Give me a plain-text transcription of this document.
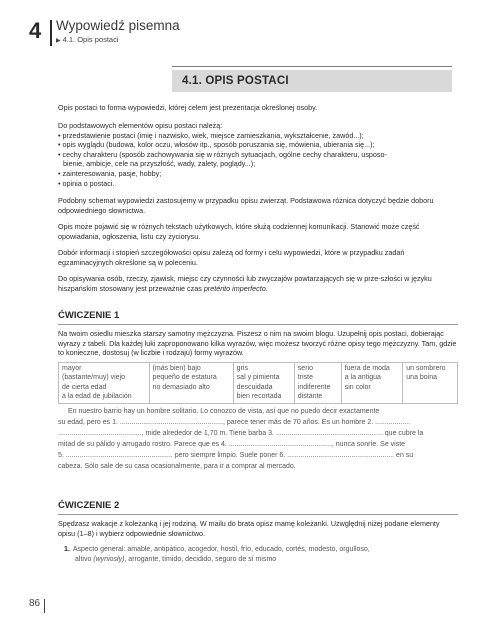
4 Wypowiedź pisemna
▶ 4.1. Opis postaci
4.1. OPIS POSTACI

Opis postaci to forma wypowiedzi, której celem jest prezentacja określonej osoby.

Do podstawowych elementów opisu postaci należą:

• przedstawienie postaci (imię i nazwisko, wiek, miejsce zamieszkania, wykształcenie, zawód...);

• opis wyglądu (budowa, kolor oczu, włosów itp., sposób poruszania się, mówienia, ubierania się...);

• cechy charakteru (sposób zachowywania się w różnych sytuacjach, ogólne cechy charakteru, usposo-

bienie, ambicje, cele na przyszłość, wady, zalety, poglądy...);

• zainteresowania, pasje, hobby;

• opinia o postaci.

Podobny schemat wypowiedzi zastosujemy w przypadku opisu zwierząt. Podstawowa różnica dotyczyć będzie doboru odpowiedniego słownictwa.

Opis może pojawić się w różnych tekstach użytkowych, które służą codziennej komunikacji. Stanowić może część opowiadania, ogłoszenia, listu czy życiorysu.

Dobór informacji i stopień szczegółowości opisu zależą od formy i celu wypowiedzi, które w przypadku zadań egzaminacyjnych określone są w poleceniu.

Do opisywania osób, rzeczy, zjawisk, miejsc czy czynności lub zwyczajów powtarzających się w prze-szłości w języku hiszpańskim stosowany jest przeważnie czas pretérito imperfecto.

ĆWICZENIE 1

Na twoim osiedlu mieszka starszy samotny mężczyzna. Piszesz o nim na swoim blogu. Uzupełnij opis postaci, dobierając wyrazy z tabeli. Dla każdej luki zaproponowano kilka wyrazów, więc możesz tworzyć różne opisy tego mężczyzny. Tam, gdzie to konieczne, dostosuj (w liczbie i rodzaju) formy wyrazów.

mayor
(bastante/muy) viejo
de cierta edad
a la edad de jubilación	(más bien) bajo
pequeño de estatura
no demasiado alto	gris
sal y pimienta
descuidada
bien recortada	serio
triste
indiferente
distante	fuera de moda
a la antigua
sin color	un sombrero
una boina
En nuestro barrio hay un hombre solitario. Lo conozco de vista, así que no puedo decir exactamente
su edad, pero es 1. ....................................................., parece tener más de 70 años. Es un hombre 2. ..................
..........................................., mide alrededor de 1,70 m. Tiene barba 3. ....................................................... que cubre la
mitad de su pálido y arrugado rostro. Parece que es 4. ....................................................., nunca sonríe. Se viste
5. ....................................................... pero siempre limpio. Suele poner 6. ....................................................... en su
cabeza. Sólo sale de su casa ocasionalmente, para ir a comprar al mercado.
ĆWICZENIE 2

Spędzasz wakacje z koleżanką i jej rodziną. W mailu do brata opisz mamę koleżanki. Uzwględnij niżej podane elementy opisu (1–8) i wybierz odpowiednie słownictwo.

1. Aspecto general: amable, antipático, acogedor, hostil, frío, educado, cortés, modesto, orgulloso,
altivo (wyniosły), arrogante, tímido, decidido, seguro de sí mismo
86
